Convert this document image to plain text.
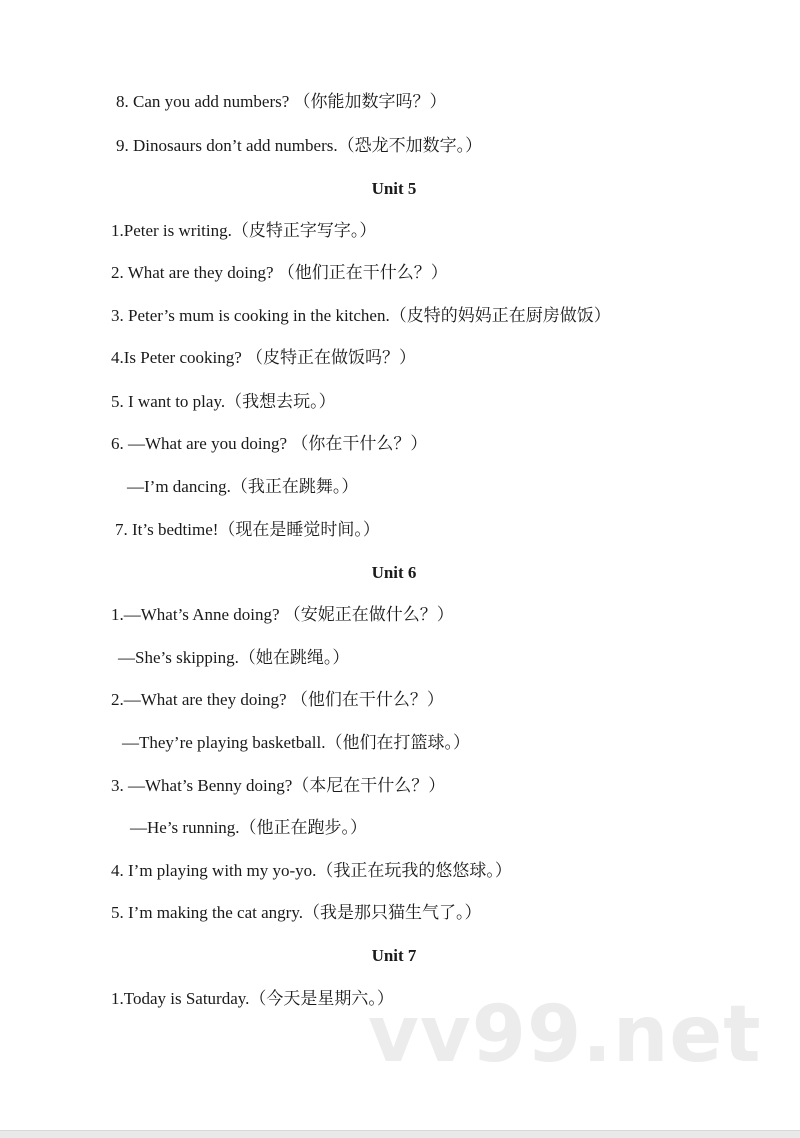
8. Can you add numbers? （你能加数字吗？）
9. Dinosaurs don’t add numbers.（恐龙不加数字。）
Unit 5
1.Peter is writing.（皮特正字写字。）
2. What are they doing? （他们正在干什么？）
3. Peter’s mum is cooking in the kitchen.（皮特的妈妈正在厨房做饭）
4.Is Peter cooking? （皮特正在做饭吗？）
5. I want to play.（我想去玩。）
6. —What are you doing? （你在干什么？）
—I’m dancing.（我正在跳舞。）
7. It’s bedtime!（现在是睡觉时间。）
Unit 6
1.—What’s Anne doing? （安妮正在做什么？）
—She’s skipping.（她在跳绳。）
2.—What are they doing? （他们在干什么？）
—They’re playing basketball.（他们在打篮球。）
3. —What’s Benny doing?（本尼在干什么？）
—He’s running.（他正在跑步。）
4. I’m playing with my yo-yo.（我正在玩我的悠悠球。）
5. I’m making the cat angry.（我是那只猫生气了。）
Unit 7
1.Today is Saturday.（今天是星期六。）
vv99.net
